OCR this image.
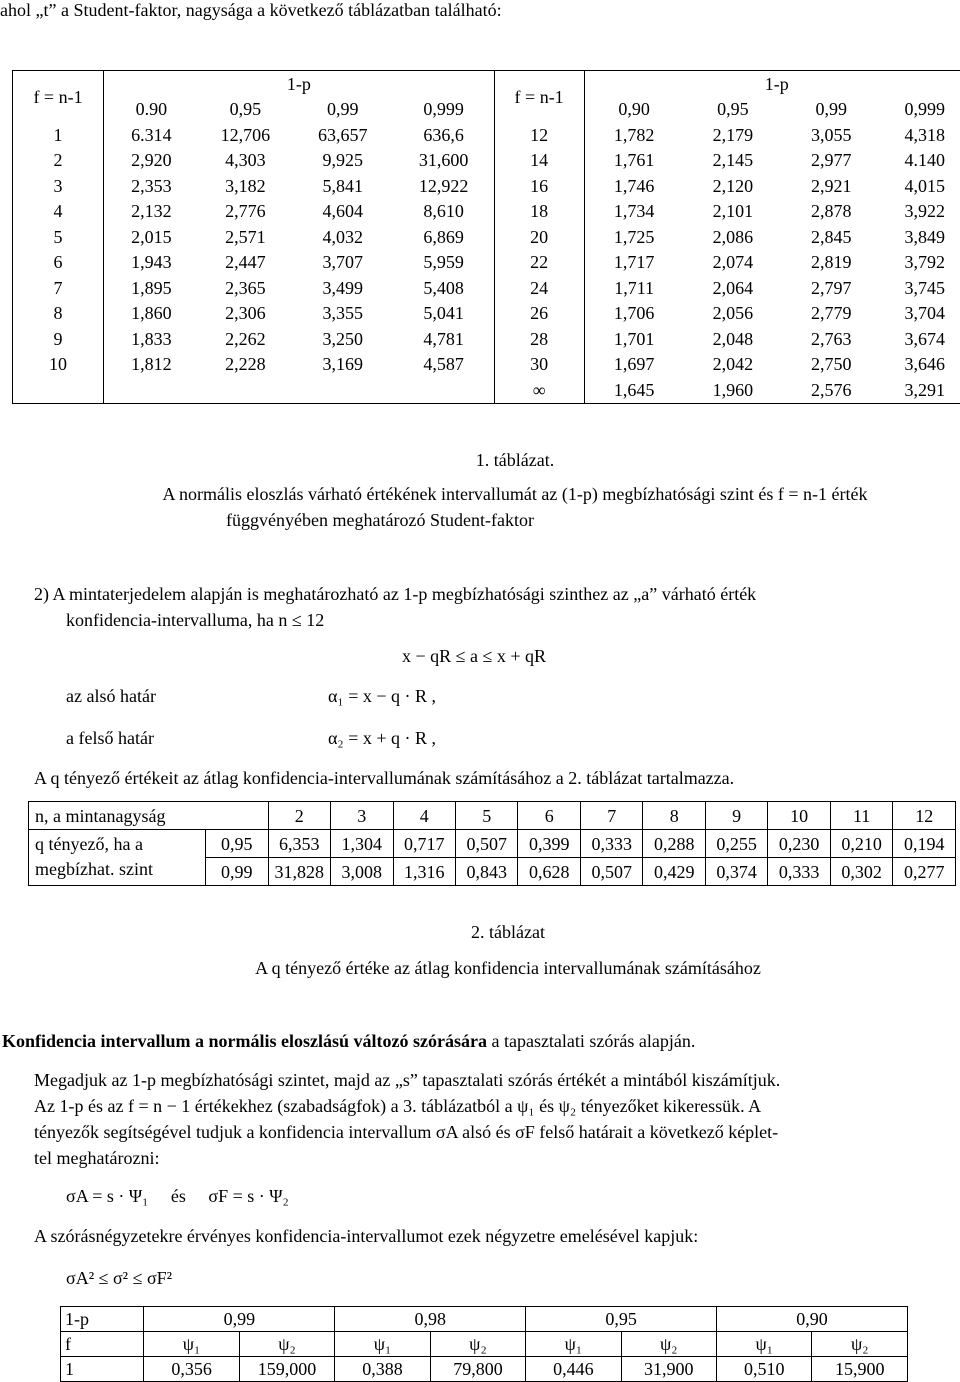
ahol „t” a Student-faktor, nagysága a következő táblázatban található:
f = n-1	1-p				f = n-1	1-p			
	0.90	0,95	0,99	0,999		0,90	0,95	0,99	0,999
1	6.314	12,706	63,657	636,6	12	1,782	2,179	3,055	4,318
2	2,920	4,303	9,925	31,600	14	1,761	2,145	2,977	4.140
3	2,353	3,182	5,841	12,922	16	1,746	2,120	2,921	4,015
4	2,132	2,776	4,604	8,610	18	1,734	2,101	2,878	3,922
5	2,015	2,571	4,032	6,869	20	1,725	2,086	2,845	3,849
6	1,943	2,447	3,707	5,959	22	1,717	2,074	2,819	3,792
7	1,895	2,365	3,499	5,408	24	1,711	2,064	2,797	3,745
8	1,860	2,306	3,355	5,041	26	1,706	2,056	2,779	3,704
9	1,833	2,262	3,250	4,781	28	1,701	2,048	2,763	3,674
10	1,812	2,228	3,169	4,587	30	1,697	2,042	2,750	3,646
					∞	1,645	1,960	2,576	3,291
1. táblázat.
A normális eloszlás várható értékének intervallumát az (1-p) megbízhatósági szint és f = n-1 érték
függvényében meghatározó Student-faktor
2) A mintaterjedelem alapján is meghatározható az 1-p megbízhatósági szinthez az „a” várható érték
konfidencia-intervalluma, ha n ≤ 12
x − qR ≤ a ≤ x + qR
az alsó határ	α₁ = x − q · R ,
a felső határ	α₂ = x + q · R ,
A q tényező értékeit az átlag konfidencia-intervallumának számításához a 2. táblázat tartalmazza.
n, a mintanagyság		2	3	4	5	6	7	8	9	10	11	12
q tényező, ha a	0,95	6,353	1,304	0,717	0,507	0,399	0,333	0,288	0,255	0,230	0,210	0,194
megbízhat. szint	0,99	31,828	3,008	1,316	0,843	0,628	0,507	0,429	0,374	0,333	0,302	0,277
2. táblázat
A q tényező értéke az átlag konfidencia intervallumának számításához
Konfidencia intervallum a normális eloszlású változó szórására a tapasztalati szórás alapján.
Megadjuk az 1-p megbízhatósági szintet, majd az „s” tapasztalati szórás értékét a mintából kiszámítjuk.
Az 1-p és az f = n − 1 értékekhez (szabadságfok) a 3. táblázatból a ψ₁ és ψ₂ tényezőket kikeressük. A
tényezők segítségével tudjuk a konfidencia intervallum σA alsó és σF felső határait a következő képlet-
tel meghatározni:
σA = s · Ψ₁     és     σF = s · Ψ₂
A szórásnégyzetekre érvényes konfidencia-intervallumot ezek négyzetre emelésével kapjuk:
σA² ≤ σ² ≤ σF²
1-p	0,99		0,98		0,95		0,90	
f	ψ₁	ψ₂	ψ₁	ψ₂	ψ₁	ψ₂	ψ₁	ψ₂
1	0,356	159,000	0,388	79,800	0,446	31,900	0,510	15,900
